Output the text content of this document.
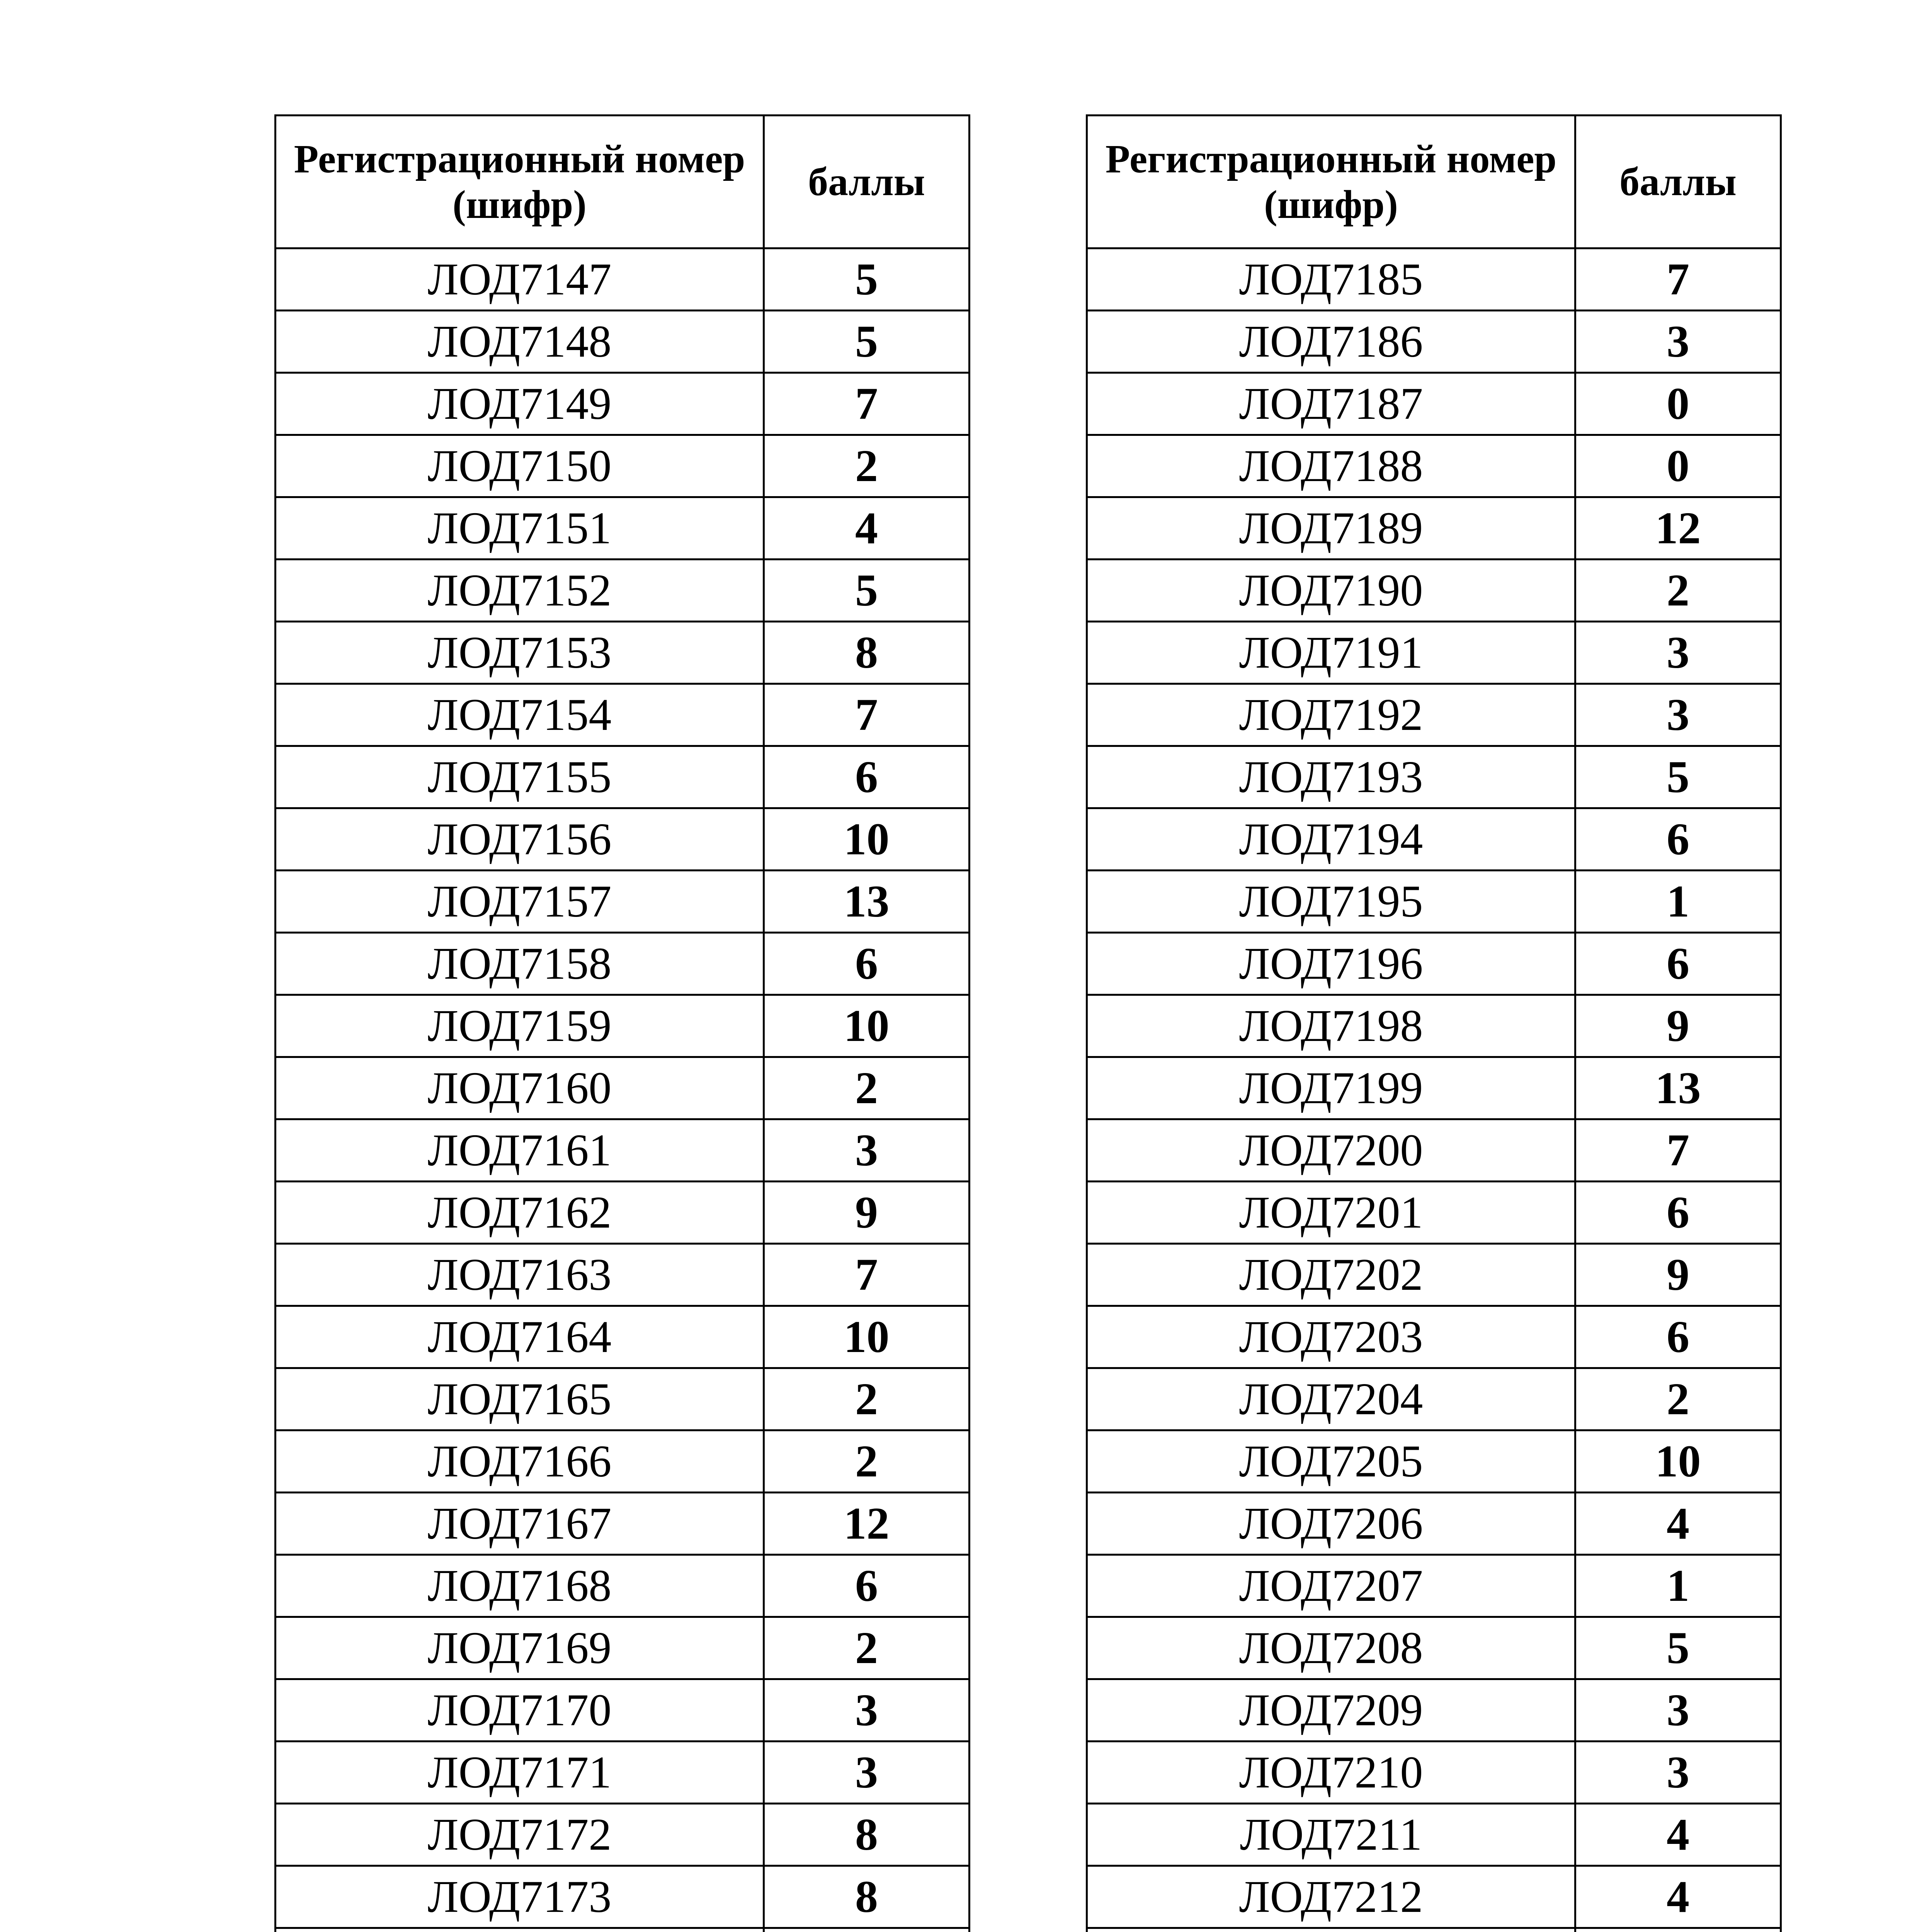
Регистрационный номер (шифр)	баллы
ЛОД7147	5
ЛОД7148	5
ЛОД7149	7
ЛОД7150	2
ЛОД7151	4
ЛОД7152	5
ЛОД7153	8
ЛОД7154	7
ЛОД7155	6
ЛОД7156	10
ЛОД7157	13
ЛОД7158	6
ЛОД7159	10
ЛОД7160	2
ЛОД7161	3
ЛОД7162	9
ЛОД7163	7
ЛОД7164	10
ЛОД7165	2
ЛОД7166	2
ЛОД7167	12
ЛОД7168	6
ЛОД7169	2
ЛОД7170	3
ЛОД7171	3
ЛОД7172	8
ЛОД7173	8

Регистрационный номер (шифр)	баллы
ЛОД7185	7
ЛОД7186	3
ЛОД7187	0
ЛОД7188	0
ЛОД7189	12
ЛОД7190	2
ЛОД7191	3
ЛОД7192	3
ЛОД7193	5
ЛОД7194	6
ЛОД7195	1
ЛОД7196	6
ЛОД7198	9
ЛОД7199	13
ЛОД7200	7
ЛОД7201	6
ЛОД7202	9
ЛОД7203	6
ЛОД7204	2
ЛОД7205	10
ЛОД7206	4
ЛОД7207	1
ЛОД7208	5
ЛОД7209	3
ЛОД7210	3
ЛОД7211	4
ЛОД7212	4
